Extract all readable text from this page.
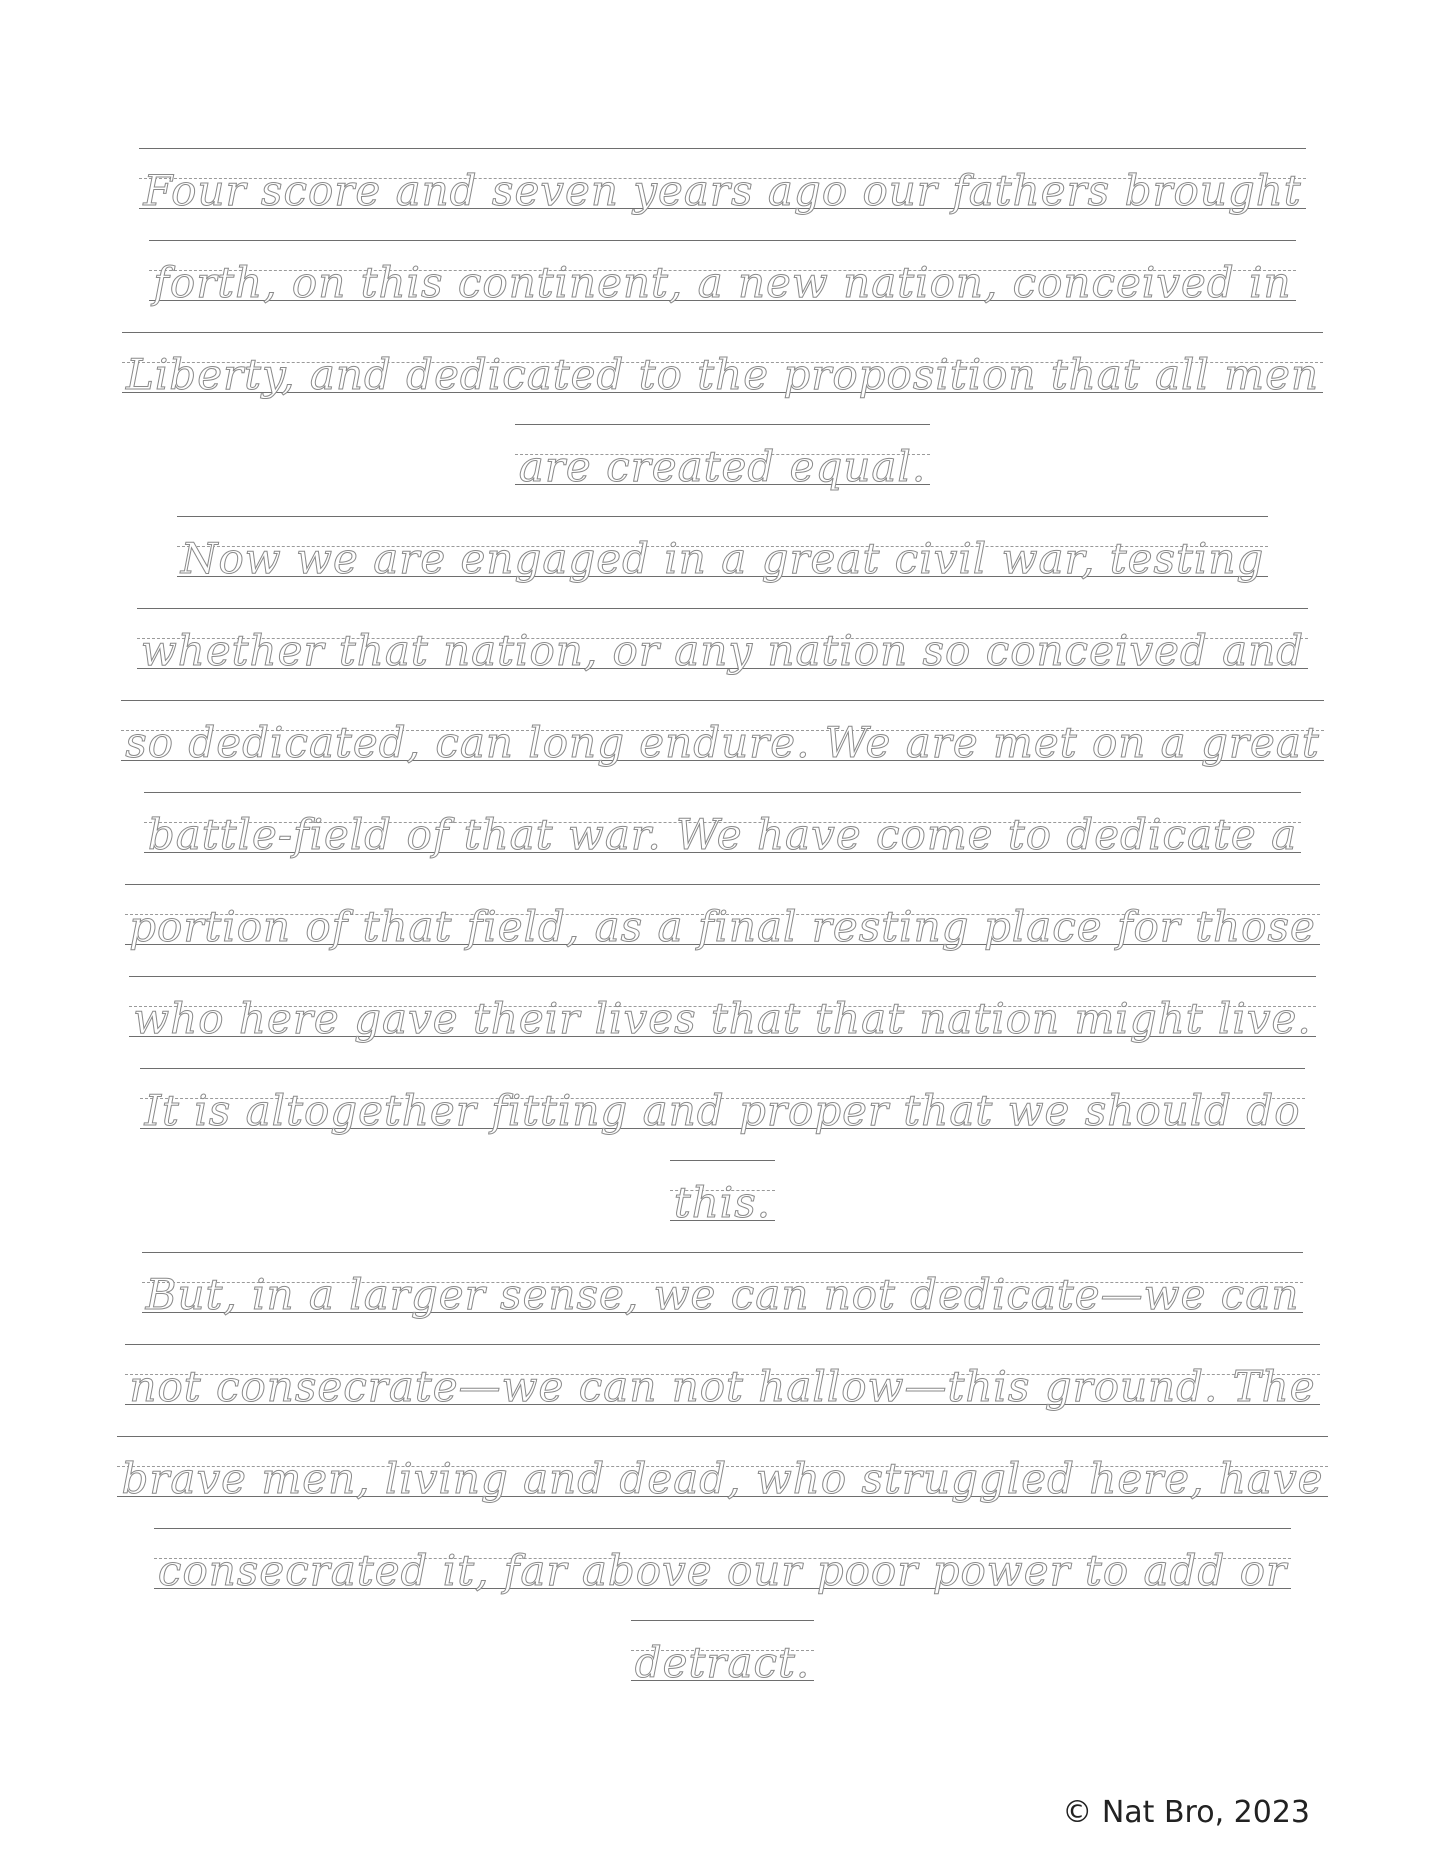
Four score and seven years ago our fathers brought
forth, on this continent, a new nation, conceived in
Liberty, and dedicated to the proposition that all men
are created equal.
Now we are engaged in a great civil war, testing
whether that nation, or any nation so conceived and
so dedicated, can long endure. We are met on a great
battle-field of that war. We have come to dedicate a
portion of that field, as a final resting place for those
who here gave their lives that that nation might live.
It is altogether fitting and proper that we should do
this.
But, in a larger sense, we can not dedicate—we can
not consecrate—we can not hallow—this ground. The
brave men, living and dead, who struggled here, have
consecrated it, far above our poor power to add or
detract.
© Nat Bro, 2023
